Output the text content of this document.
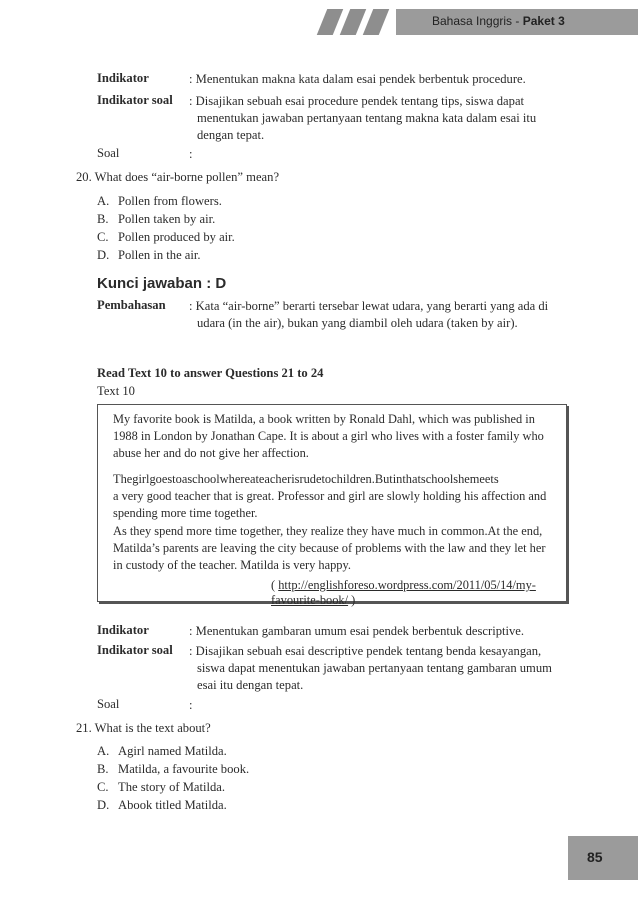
Bahasa Inggris - Paket 3
Indikator	: Menentukan makna kata dalam esai pendek berbentuk procedure.
Indikator soal : Disajikan sebuah esai procedure pendek tentang tips, siswa dapat
menentukan jawaban pertanyaan tentang makna kata dalam esai itu
dengan tepat.
Soal	:
20. What does “air-borne pollen” mean?
A. Pollen from flowers.
B. Pollen taken by air.
C. Pollen produced by air.
D. Pollen in the air.
Kunci jawaban : D
Pembahasan : Kata “air-borne” berarti tersebar lewat udara, yang berarti yang ada di
udara (in the air), bukan yang diambil oleh udara (taken by air).
Read Text 10 to answer Questions 21 to 24
Text 10
My favorite book is Matilda, a book written by Ronald Dahl, which was published in
1988 in London by Jonathan Cape. It is about a girl who lives with a foster family who
abuse her and do not give her affection.
Thegirlgoestoaschoolwhereateacherisrudetochildren.Butinthatschoolshemeets
a very good teacher that is great. Professor and girl are slowly holding his affection and
spending more time together.
As they spend more time together, they realize they have much in common.At the end,
Matilda’s parents are leaving the city because of problems with the law and they let her
in custody of the teacher. Matilda is very happy.
( http://englishforeso.wordpress.com/2011/05/14/my-favourite-book/ )
Indikator	: Menentukan gambaran umum esai pendek berbentuk descriptive.
Indikator soal : Disajikan sebuah esai descriptive pendek tentang benda kesayangan,
siswa dapat menentukan jawaban pertanyaan tentang gambaran umum
esai itu dengan tepat.
Soal	:
21. What is the text about?
A. Agirl named Matilda.
B. Matilda, a favourite book.
C. The story of Matilda.
D. Abook titled Matilda.
85
